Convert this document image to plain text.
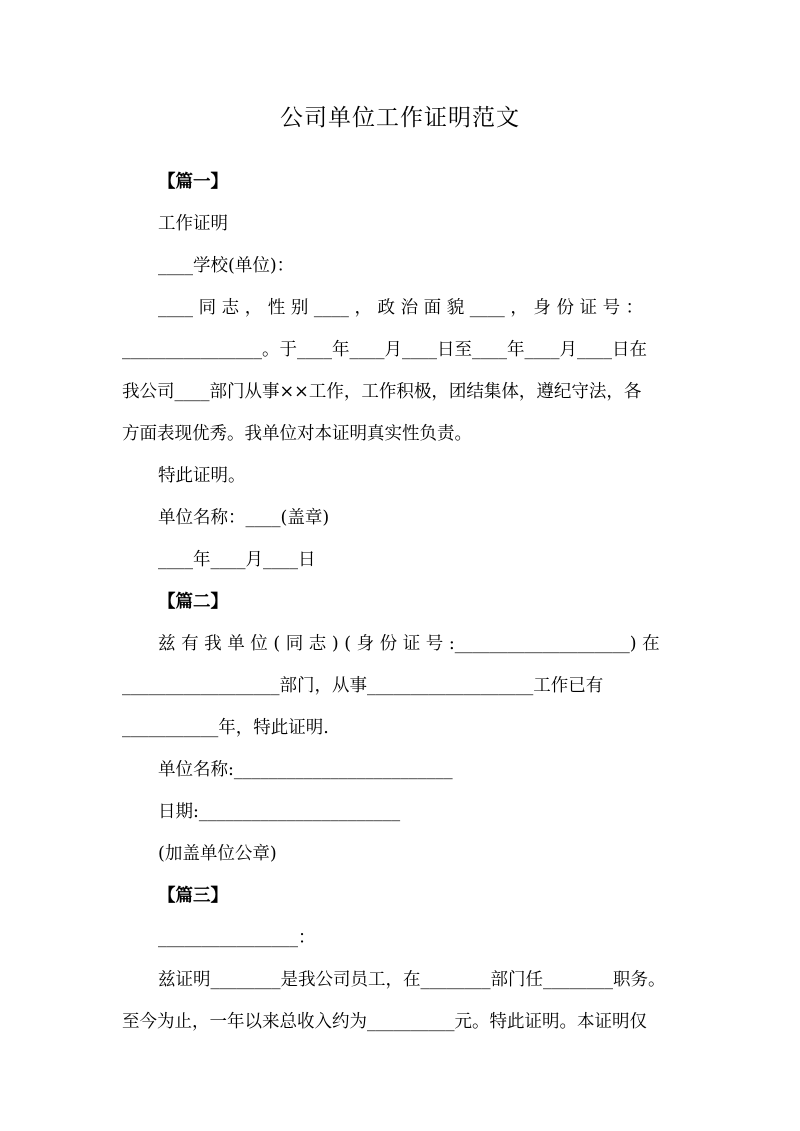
公司单位工作证明范文
【篇一】
工作证明
____学校(单位)：
____ 同 志 ， 性 别 ____ ， 政 治 面 貌 ____ ， 身 份 证 号 ：
________________。于____年____月____日至____年____月____日在
我公司____部门从事××工作，工作积极，团结集体，遵纪守法，各
方面表现优秀。我单位对本证明真实性负责。
特此证明。
单位名称：____(盖章)
____年____月____日
【篇二】
兹 有 我 单 位 ( 同 志 ) ( 身 份 证 号 :____________________) 在
__________________部门，从事___________________工作已有
___________年，特此证明.
单位名称:_________________________
日期:_______________________
(加盖单位公章)
【篇三】
________________：
兹证明________是我公司员工，在________部门任________职务。
至今为止，一年以来总收入约为__________元。特此证明。本证明仅
